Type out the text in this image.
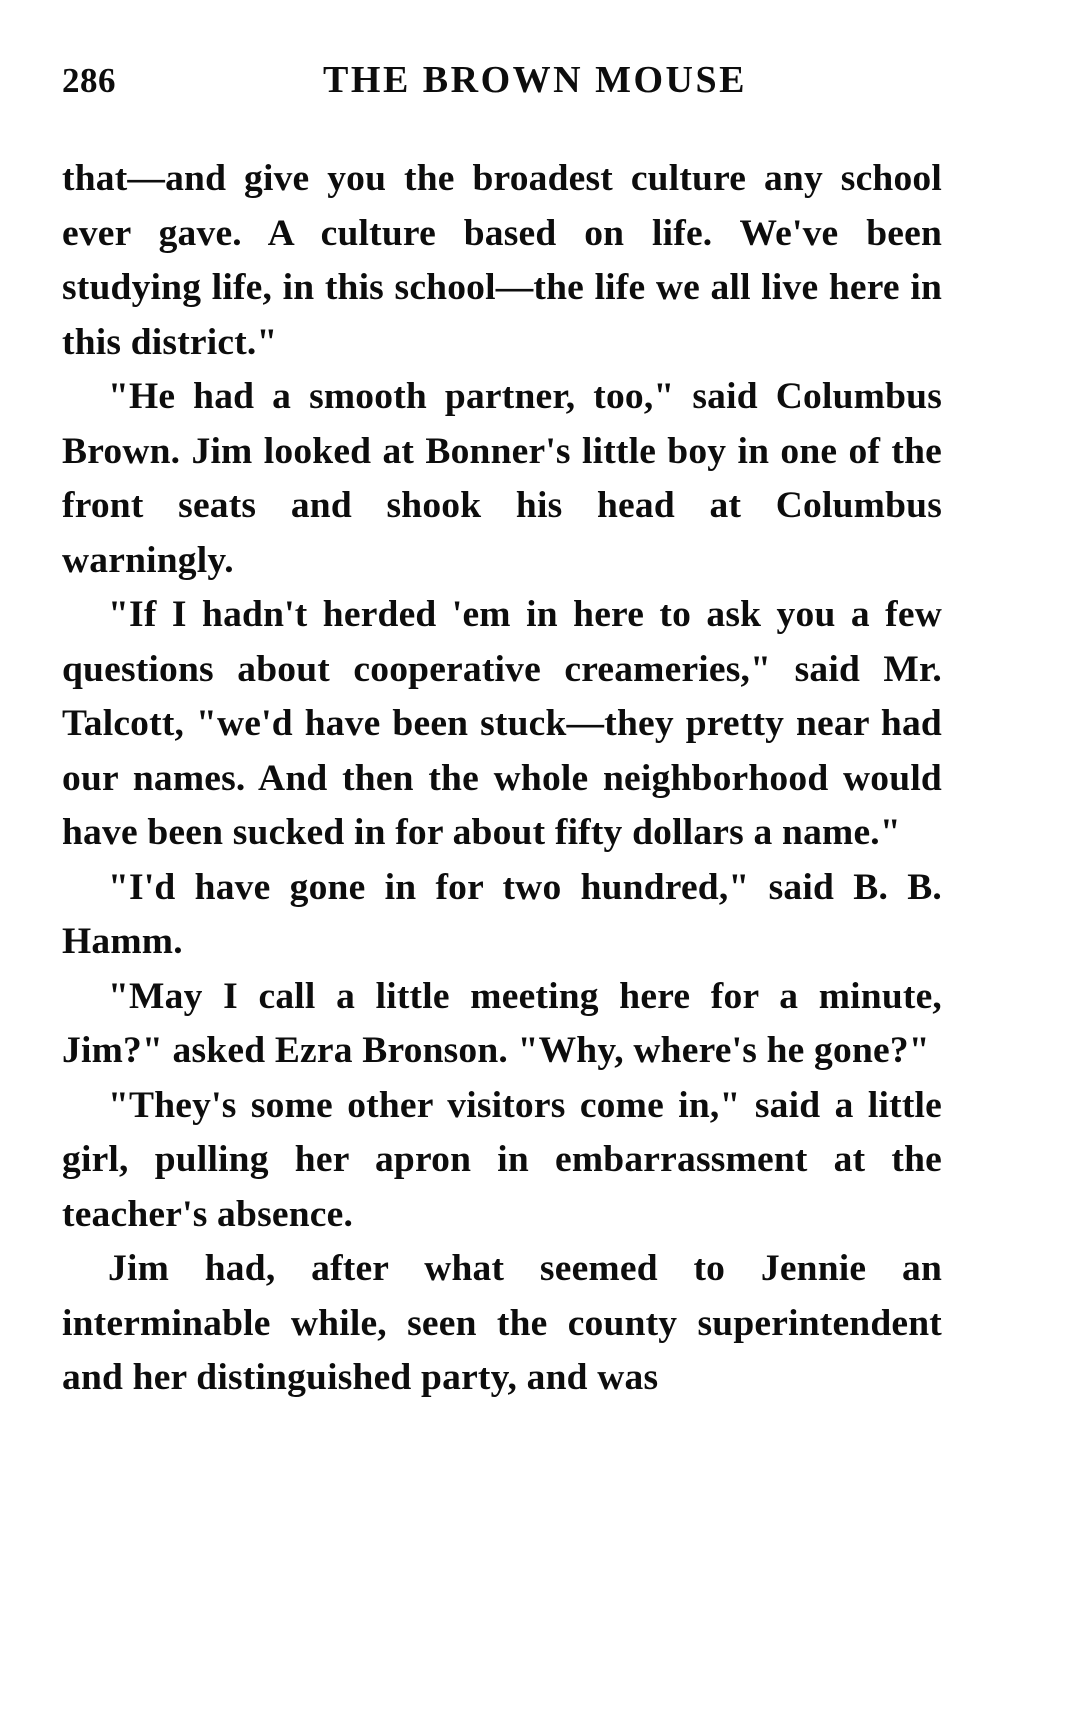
286	THE BROWN MOUSE

that—and give you the broadest culture any school ever gave. A culture based on life. We've been studying life, in this school—the life we all live here in this district."

"He had a smooth partner, too," said Columbus Brown. Jim looked at Bonner's little boy in one of the front seats and shook his head at Columbus warningly.

"If I hadn't herded 'em in here to ask you a few questions about cooperative creameries," said Mr. Talcott, "we'd have been stuck—they pretty near had our names. And then the whole neighborhood would have been sucked in for about fifty dollars a name."

"I'd have gone in for two hundred," said B. B. Hamm.

"May I call a little meeting here for a minute, Jim?" asked Ezra Bronson. "Why, where's he gone?"

"They's some other visitors come in," said a little girl, pulling her apron in embarrassment at the teacher's absence.

Jim had, after what seemed to Jennie an interminable while, seen the county superintendent and her distinguished party, and was
